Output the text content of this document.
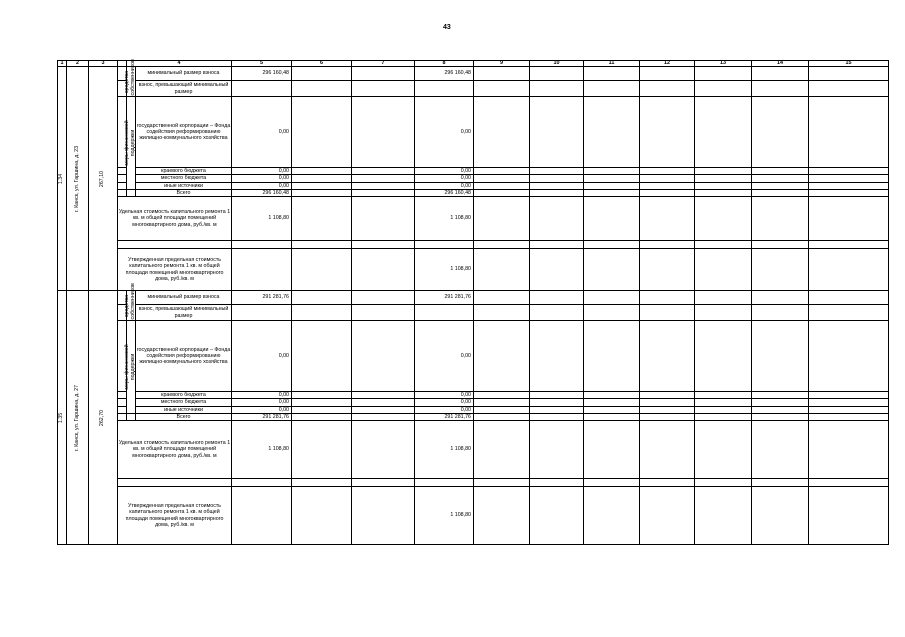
43
1	2	3		4		5	6	7	8	9	10	11	12	13	14	15

1.34	г. Канск, ул. Гаршина, д. 23	267,10		средства собственников	минимальный размер взноса	296 160,48			296 160,48							
					взнос, превышающий минимальный размер											

				меры финансовой поддержки	государственной корпорации – Фонда содействия реформированию жилищно-коммунального хозяйства	0,00			0,00							
					краевого бюджета	0,00			0,00							
					местного бюджета	0,00			0,00							
					иные источники	0,00			0,00							
					Всего	296 160,48			296 160,48							
			Удельная стоимость капитального ремонта 1 кв. м общей площади помещений многоквартирного дома, руб./кв. м			1 108,80			1 108,80							

			Утвержденная предельная стоимость капитального ремонта 1 кв. м общей площади помещений многоквартирного дома, руб./кв. м						1 108,80							

1.35	г. Канск, ул. Гаршина, д. 27	262,70		средства собственников	минимальный размер взноса	291 281,76			291 281,76							
					взнос, превышающий минимальный размер											

				меры финансовой поддержки	государственной корпорации – Фонда содействия реформированию жилищно-коммунального хозяйства	0,00			0,00							
					краевого бюджета	0,00			0,00							
					местного бюджета	0,00			0,00							
					иные источники	0,00			0,00							
					Всего	291 281,76			291 281,76							
			Удельная стоимость капитального ремонта 1 кв. м общей площади помещений многоквартирного дома, руб./кв. м			1 108,80			1 108,80							

			Утвержденная предельная стоимость капитального ремонта 1 кв. м общей площади помещений многоквартирного дома, руб./кв. м						1 108,80							
